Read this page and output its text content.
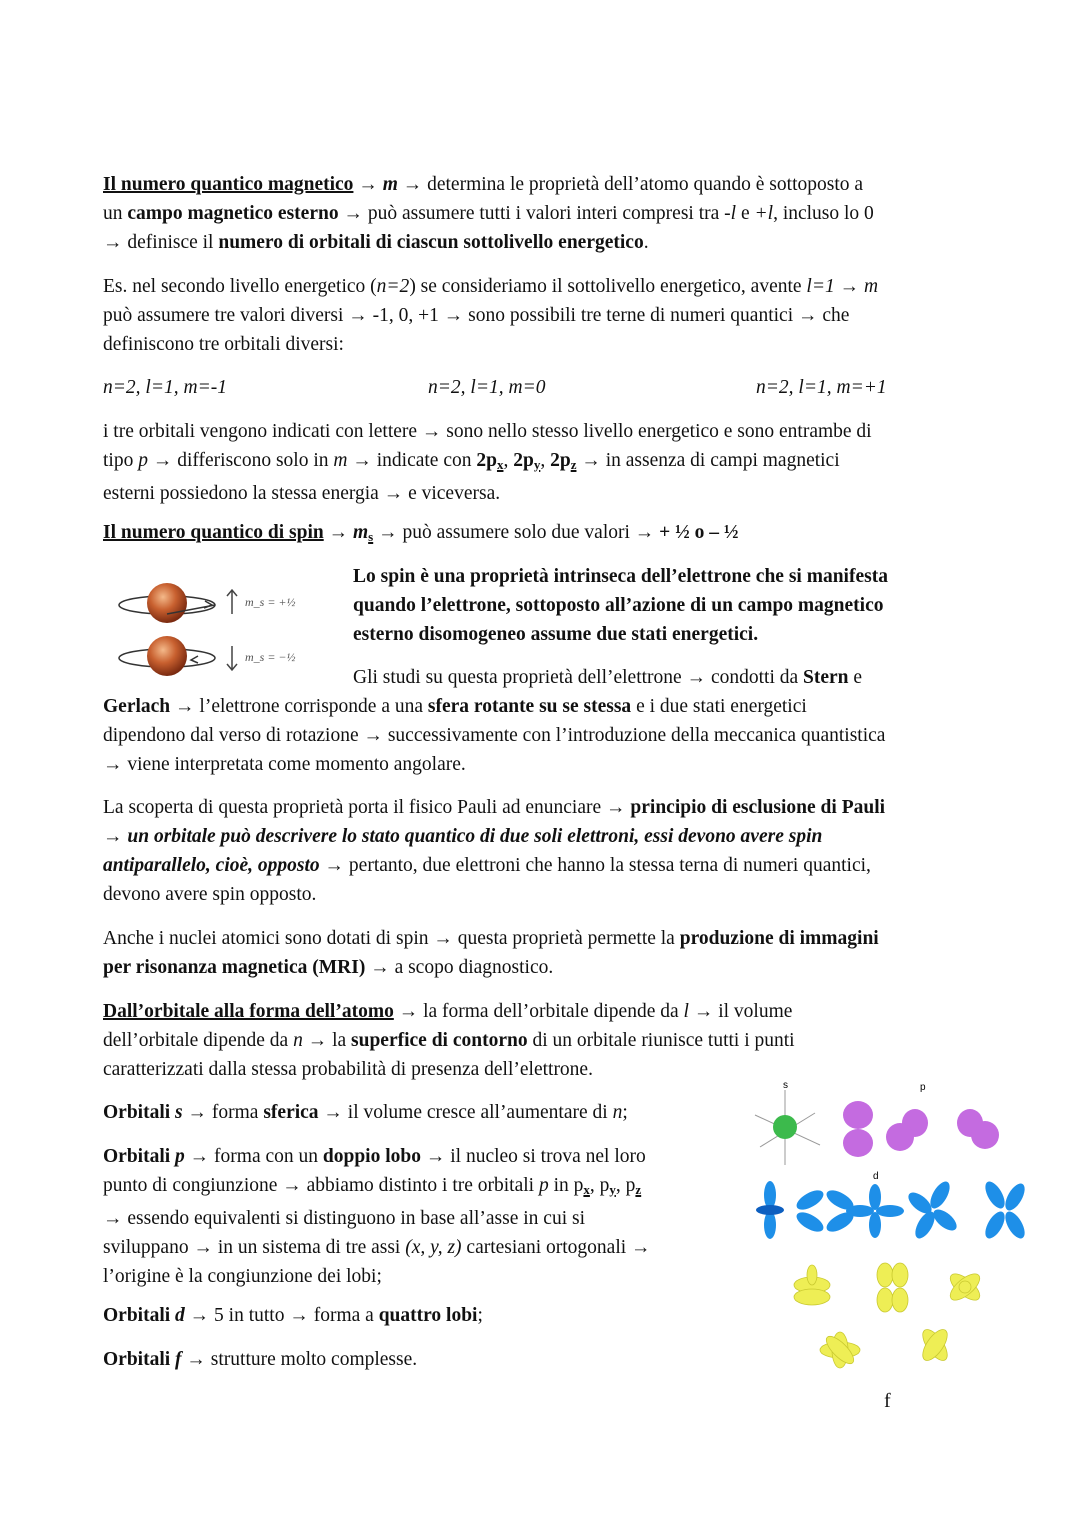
Il numero quantico magnetico → m → determina le proprietà dell’atomo quando è sottoposto a
un campo magnetico esterno → può assumere tutti i valori interi compresi tra -l e +l, incluso lo 0
→ definisce il numero di orbitali di ciascun sottolivello energetico.
Es. nel secondo livello energetico (n=2) se consideriamo il sottolivello energetico, avente l=1 → m
può assumere tre valori diversi → -1, 0, +1 → sono possibili tre terne di numeri quantici → che
definiscono tre orbitali diversi:
i tre orbitali vengono indicati con lettere → sono nello stesso livello energetico e sono entrambe di
tipo p → differiscono solo in m → indicate con $2p_x$, $2p_y$, $2p_z$ → in assenza di campi magnetici
esterni possiedono la stessa energia → e viceversa.
Il numero quantico di spin → $m_s$ → può assumere solo due valori → + ½ o – ½
Lo spin è una proprietà intrinseca dell’elettrone che si manifesta
quando l’elettrone, sottoposto all’azione di un campo magnetico
esterno disomogeneo assume due stati energetici.
Gli studi su questa proprietà dell’elettrone → condotti da Stern e
Gerlach → l’elettrone corrisponde a una sfera rotante su se stessa e i due stati energetici
dipendono dal verso di rotazione → successivamente con l’introduzione della meccanica quantistica
→ viene interpretata come momento angolare.
La scoperta di questa proprietà porta il fisico Pauli ad enunciare → principio di esclusione di Pauli
→ un orbitale può descrivere lo stato quantico di due soli elettroni, essi devono avere spin
antiparallelo, cioè, opposto → pertanto, due elettroni che hanno la stessa terna di numeri quantici,
devono avere spin opposto.
Anche i nuclei atomici sono dotati di spin → questa proprietà permette la produzione di immagini
per risonanza magnetica (MRI) → a scopo diagnostico.
Dall’orbitale alla forma dell’atomo → la forma dell’orbitale dipende da l → il volume
dell’orbitale dipende da n → la superfice di contorno di un orbitale riunisce tutti i punti
caratterizzati dalla stessa probabilità di presenza dell’elettrone.
Orbitali s → forma sferica → il volume cresce all’aumentare di n;
Orbitali p → forma con un doppio lobo → il nucleo si trova nel loro
punto di congiunzione → abbiamo distinto i tre orbitali p in $p_x$, $p_y$, $p_z$
→ essendo equivalenti si distinguono in base all’asse in cui si
sviluppano → in un sistema di tre assi (x, y, z) cartesiani ortogonali →
l’origine è la congiunzione dei lobi;
Orbitali d → 5 in tutto → forma a quattro lobi;
Orbitali f → strutture molto complesse.
n=2, l=1, m=-1	n=2, l=1, m=0	n=2, l=1, m=+1
m_s = +½
m_s = −½
s	p
d
f
